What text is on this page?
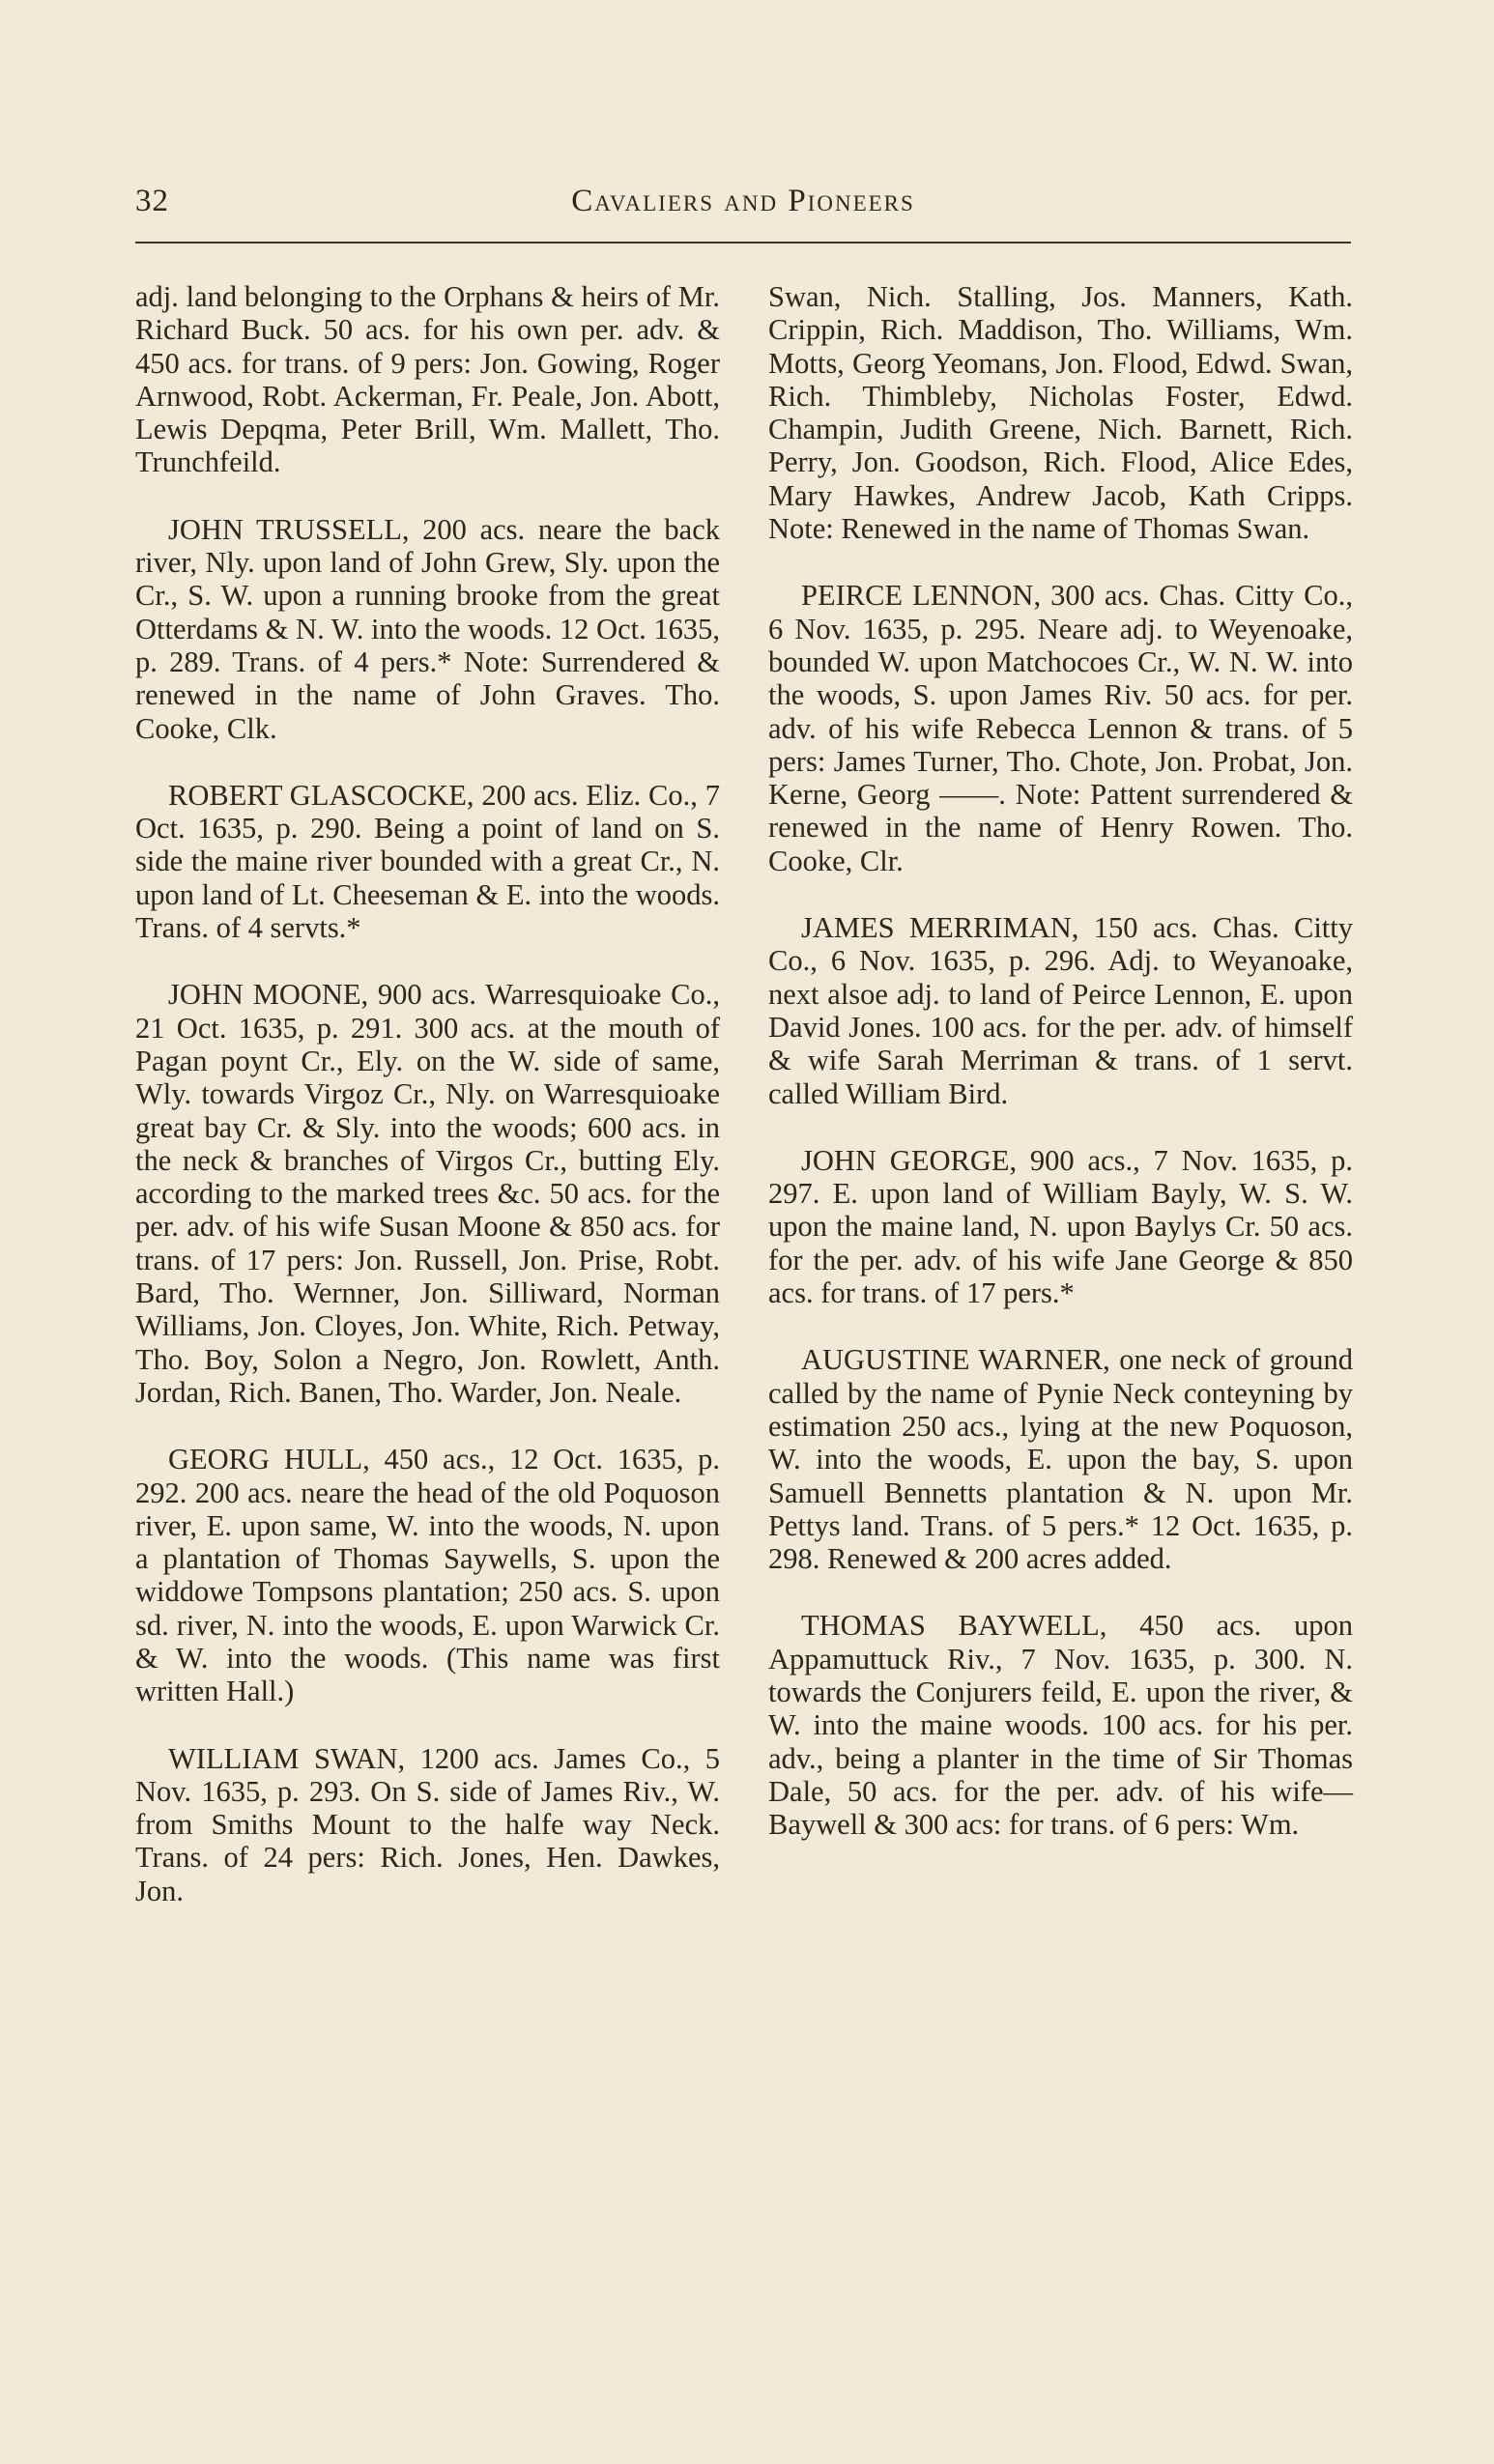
32	Cavaliers and Pioneers

adj. land belonging to the Orphans & heirs of Mr. Richard Buck. 50 acs. for his own per. adv. & 450 acs. for trans. of 9 pers: Jon. Gowing, Roger Arnwood, Robt. Ackerman, Fr. Peale, Jon. Abott, Lewis Depqma, Peter Brill, Wm. Mallett, Tho. Trunchfeild.

JOHN TRUSSELL, 200 acs. neare the back river, Nly. upon land of John Grew, Sly. upon the Cr., S. W. upon a running brooke from the great Otterdams & N. W. into the woods. 12 Oct. 1635, p. 289. Trans. of 4 pers.* Note: Surrendered & renewed in the name of John Graves. Tho. Cooke, Clk.

ROBERT GLASCOCKE, 200 acs. Eliz. Co., 7 Oct. 1635, p. 290. Being a point of land on S. side the maine river bounded with a great Cr., N. upon land of Lt. Cheeseman & E. into the woods. Trans. of 4 servts.*

JOHN MOONE, 900 acs. Warresquioake Co., 21 Oct. 1635, p. 291. 300 acs. at the mouth of Pagan poynt Cr., Ely. on the W. side of same, Wly. towards Virgoz Cr., Nly. on Warresquioake great bay Cr. & Sly. into the woods; 600 acs. in the neck & branches of Virgos Cr., butting Ely. according to the marked trees &c. 50 acs. for the per. adv. of his wife Susan Moone & 850 acs. for trans. of 17 pers: Jon. Russell, Jon. Prise, Robt. Bard, Tho. Wernner, Jon. Silliward, Norman Williams, Jon. Cloyes, Jon. White, Rich. Petway, Tho. Boy, Solon a Negro, Jon. Rowlett, Anth. Jordan, Rich. Banen, Tho. Warder, Jon. Neale.

GEORG HULL, 450 acs., 12 Oct. 1635, p. 292. 200 acs. neare the head of the old Poquoson river, E. upon same, W. into the woods, N. upon a plantation of Thomas Saywells, S. upon the widdowe Tompsons plantation; 250 acs. S. upon sd. river, N. into the woods, E. upon Warwick Cr. & W. into the woods. (This name was first written Hall.)

WILLIAM SWAN, 1200 acs. James Co., 5 Nov. 1635, p. 293. On S. side of James Riv., W. from Smiths Mount to the halfe way Neck. Trans. of 24 pers: Rich. Jones, Hen. Dawkes, Jon.

Swan, Nich. Stalling, Jos. Manners, Kath. Crippin, Rich. Maddison, Tho. Williams, Wm. Motts, Georg Yeomans, Jon. Flood, Edwd. Swan, Rich. Thimbleby, Nicholas Foster, Edwd. Champin, Judith Greene, Nich. Barnett, Rich. Perry, Jon. Goodson, Rich. Flood, Alice Edes, Mary Hawkes, Andrew Jacob, Kath Cripps. Note: Renewed in the name of Thomas Swan.

PEIRCE LENNON, 300 acs. Chas. Citty Co., 6 Nov. 1635, p. 295. Neare adj. to Weyenoake, bounded W. upon Matchocoes Cr., W. N. W. into the woods, S. upon James Riv. 50 acs. for per. adv. of his wife Rebecca Lennon & trans. of 5 pers: James Turner, Tho. Chote, Jon. Probat, Jon. Kerne, Georg ——. Note: Pattent surrendered & renewed in the name of Henry Rowen. Tho. Cooke, Clr.

JAMES MERRIMAN, 150 acs. Chas. Citty Co., 6 Nov. 1635, p. 296. Adj. to Weyanoake, next alsoe adj. to land of Peirce Lennon, E. upon David Jones. 100 acs. for the per. adv. of himself & wife Sarah Merriman & trans. of 1 servt. called William Bird.

JOHN GEORGE, 900 acs., 7 Nov. 1635, p. 297. E. upon land of William Bayly, W. S. W. upon the maine land, N. upon Baylys Cr. 50 acs. for the per. adv. of his wife Jane George & 850 acs. for trans. of 17 pers.*

AUGUSTINE WARNER, one neck of ground called by the name of Pynie Neck conteyning by estimation 250 acs., lying at the new Poquoson, W. into the woods, E. upon the bay, S. upon Samuell Bennetts plantation & N. upon Mr. Pettys land. Trans. of 5 pers.* 12 Oct. 1635, p. 298. Renewed & 200 acres added.

THOMAS BAYWELL, 450 acs. upon Appamuttuck Riv., 7 Nov. 1635, p. 300. N. towards the Conjurers feild, E. upon the river, & W. into the maine woods. 100 acs. for his per. adv., being a planter in the time of Sir Thomas Dale, 50 acs. for the per. adv. of his wife—Baywell & 300 acs: for trans. of 6 pers: Wm.
